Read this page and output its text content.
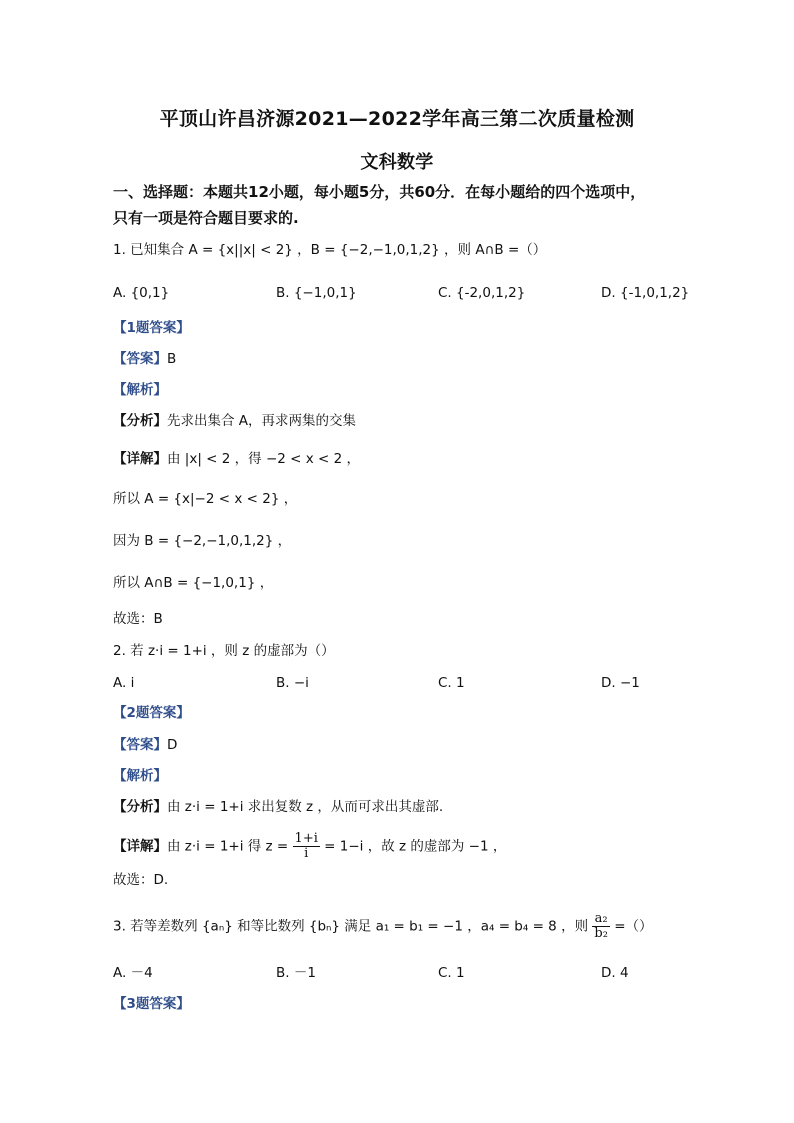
平顶山许昌济源2021—2022学年高三第二次质量检测
文科数学
一、选择题：本题共12小题，每小题5分，共60分．在每小题给的四个选项中，
只有一项是符合题目要求的.
1. 已知集合 A = {x||x| < 2} ，B = {−2,−1,0,1,2} ，则 A∩B =（）
A. {0,1}	B. {−1,0,1}	C. {-2,0,1,2}	D. {-1,0,1,2}
【1题答案】
【答案】B
【解析】
【分析】先求出集合 A，再求两集的交集
【详解】由 |x| < 2 ，得 −2 < x < 2 ，
所以 A = {x|−2 < x < 2} ，
因为 B = {−2,−1,0,1,2} ，
所以 A∩B = {−1,0,1} ，
故选：B
2. 若 z·i = 1+i ，则 z 的虚部为（）
A. i	B. −i	C. 1	D. −1
【2题答案】
【答案】D
【解析】
【分析】由 z·i = 1+i 求出复数 z ，从而可求出其虚部.
【详解】由 z·i = 1+i 得 $z = \frac{1+i}{i} = 1-i$ ，故 z 的虚部为 −1 ，
故选：D.
3. 若等差数列 {aₙ} 和等比数列 {bₙ} 满足 a₁ = b₁ = −1 ，a₄ = b₄ = 8 ，则 $\frac{\text{a₂}}{\text{b₂}}$ =（）
A. －4	B. －1	C. 1	D. 4
【3题答案】
